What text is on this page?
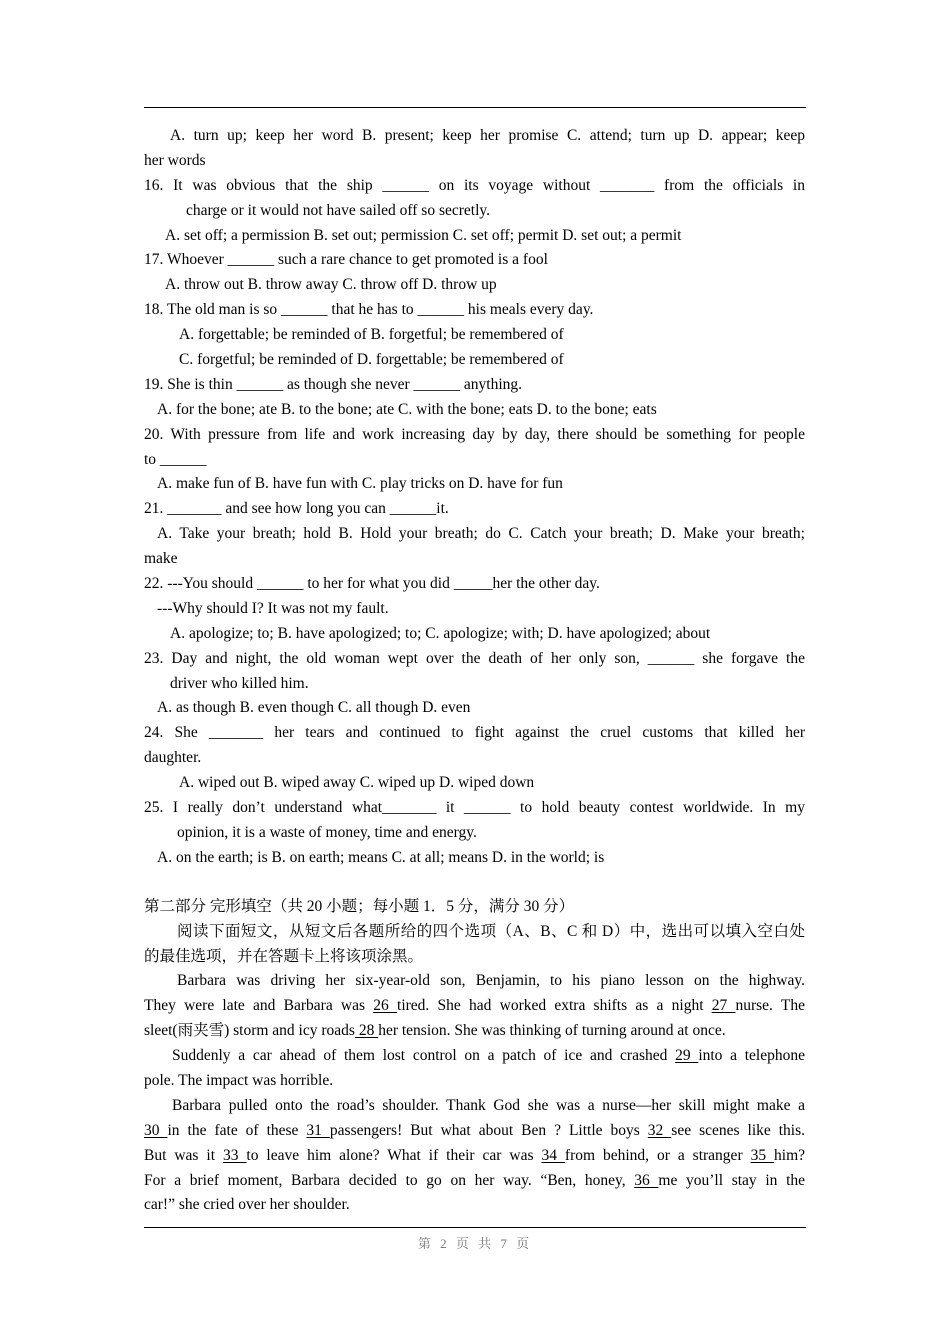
A. turn up; keep her word B. present; keep her promise C. attend; turn up D. appear; keep
her words
16. It was obvious that the ship ______ on its voyage without _______ from the officials in
charge or it would not have sailed off so secretly.
A. set off; a permission B. set out; permission C. set off; permit D. set out; a permit
17. Whoever ______ such a rare chance to get promoted is a fool
A. throw out B. throw away C. throw off D. throw up
18. The old man is so ______ that he has to ______ his meals every day.
A. forgettable; be reminded of B. forgetful; be remembered of
C. forgetful; be reminded of D. forgettable; be remembered of
19. She is thin ______ as though she never ______ anything.
A. for the bone; ate B. to the bone; ate C. with the bone; eats D. to the bone; eats
20. With pressure from life and work increasing day by day, there should be something for people
to ______
A. make fun of B. have fun with C. play tricks on D. have for fun
21. _______ and see how long you can ______it.
A. Take your breath; hold B. Hold your breath; do C. Catch your breath; D. Make your breath;
make
22. ---You should ______ to her for what you did _____her the other day.
---Why should I? It was not my fault.
A. apologize; to; B. have apologized; to; C. apologize; with; D. have apologized; about
23. Day and night, the old woman wept over the death of her only son, ______ she forgave the
driver who killed him.
A. as though B. even though C. all though D. even
24. She _______ her tears and continued to fight against the cruel customs that killed her
daughter.
A. wiped out B. wiped away C. wiped up D. wiped down
25. I really don’t understand what_______ it ______ to hold beauty contest worldwide. In my
opinion, it is a waste of money, time and energy.
A. on the earth; is B. on earth; means C. at all; means D. in the world; is
第二部分 完形填空（共 20 小题；每小题 1．5 分，满分 30 分）
阅读下面短文，从短文后各题所给的四个选项（A、B、C 和 D）中，选出可以填入空白处
的最佳选项，并在答题卡上将该项涂黑。
Barbara was driving her six-year-old son, Benjamin, to his piano lesson on the highway.
They were late and Barbara was 26 tired. She had worked extra shifts as a night 27 nurse. The
sleet(雨夹雪) storm and icy roads 28 her tension. She was thinking of turning around at once.
Suddenly a car ahead of them lost control on a patch of ice and crashed 29 into a telephone
pole. The impact was horrible.
Barbara pulled onto the road’s shoulder. Thank God she was a nurse—her skill might make a
30 in the fate of these 31 passengers! But what about Ben ? Little boys 32 see scenes like this.
But was it 33 to leave him alone? What if their car was 34 from behind, or a stranger 35 him?
For a brief moment, Barbara decided to go on her way. “Ben, honey, 36 me you’ll stay in the
car!” she cried over her shoulder.
第 2 页 共 7 页
